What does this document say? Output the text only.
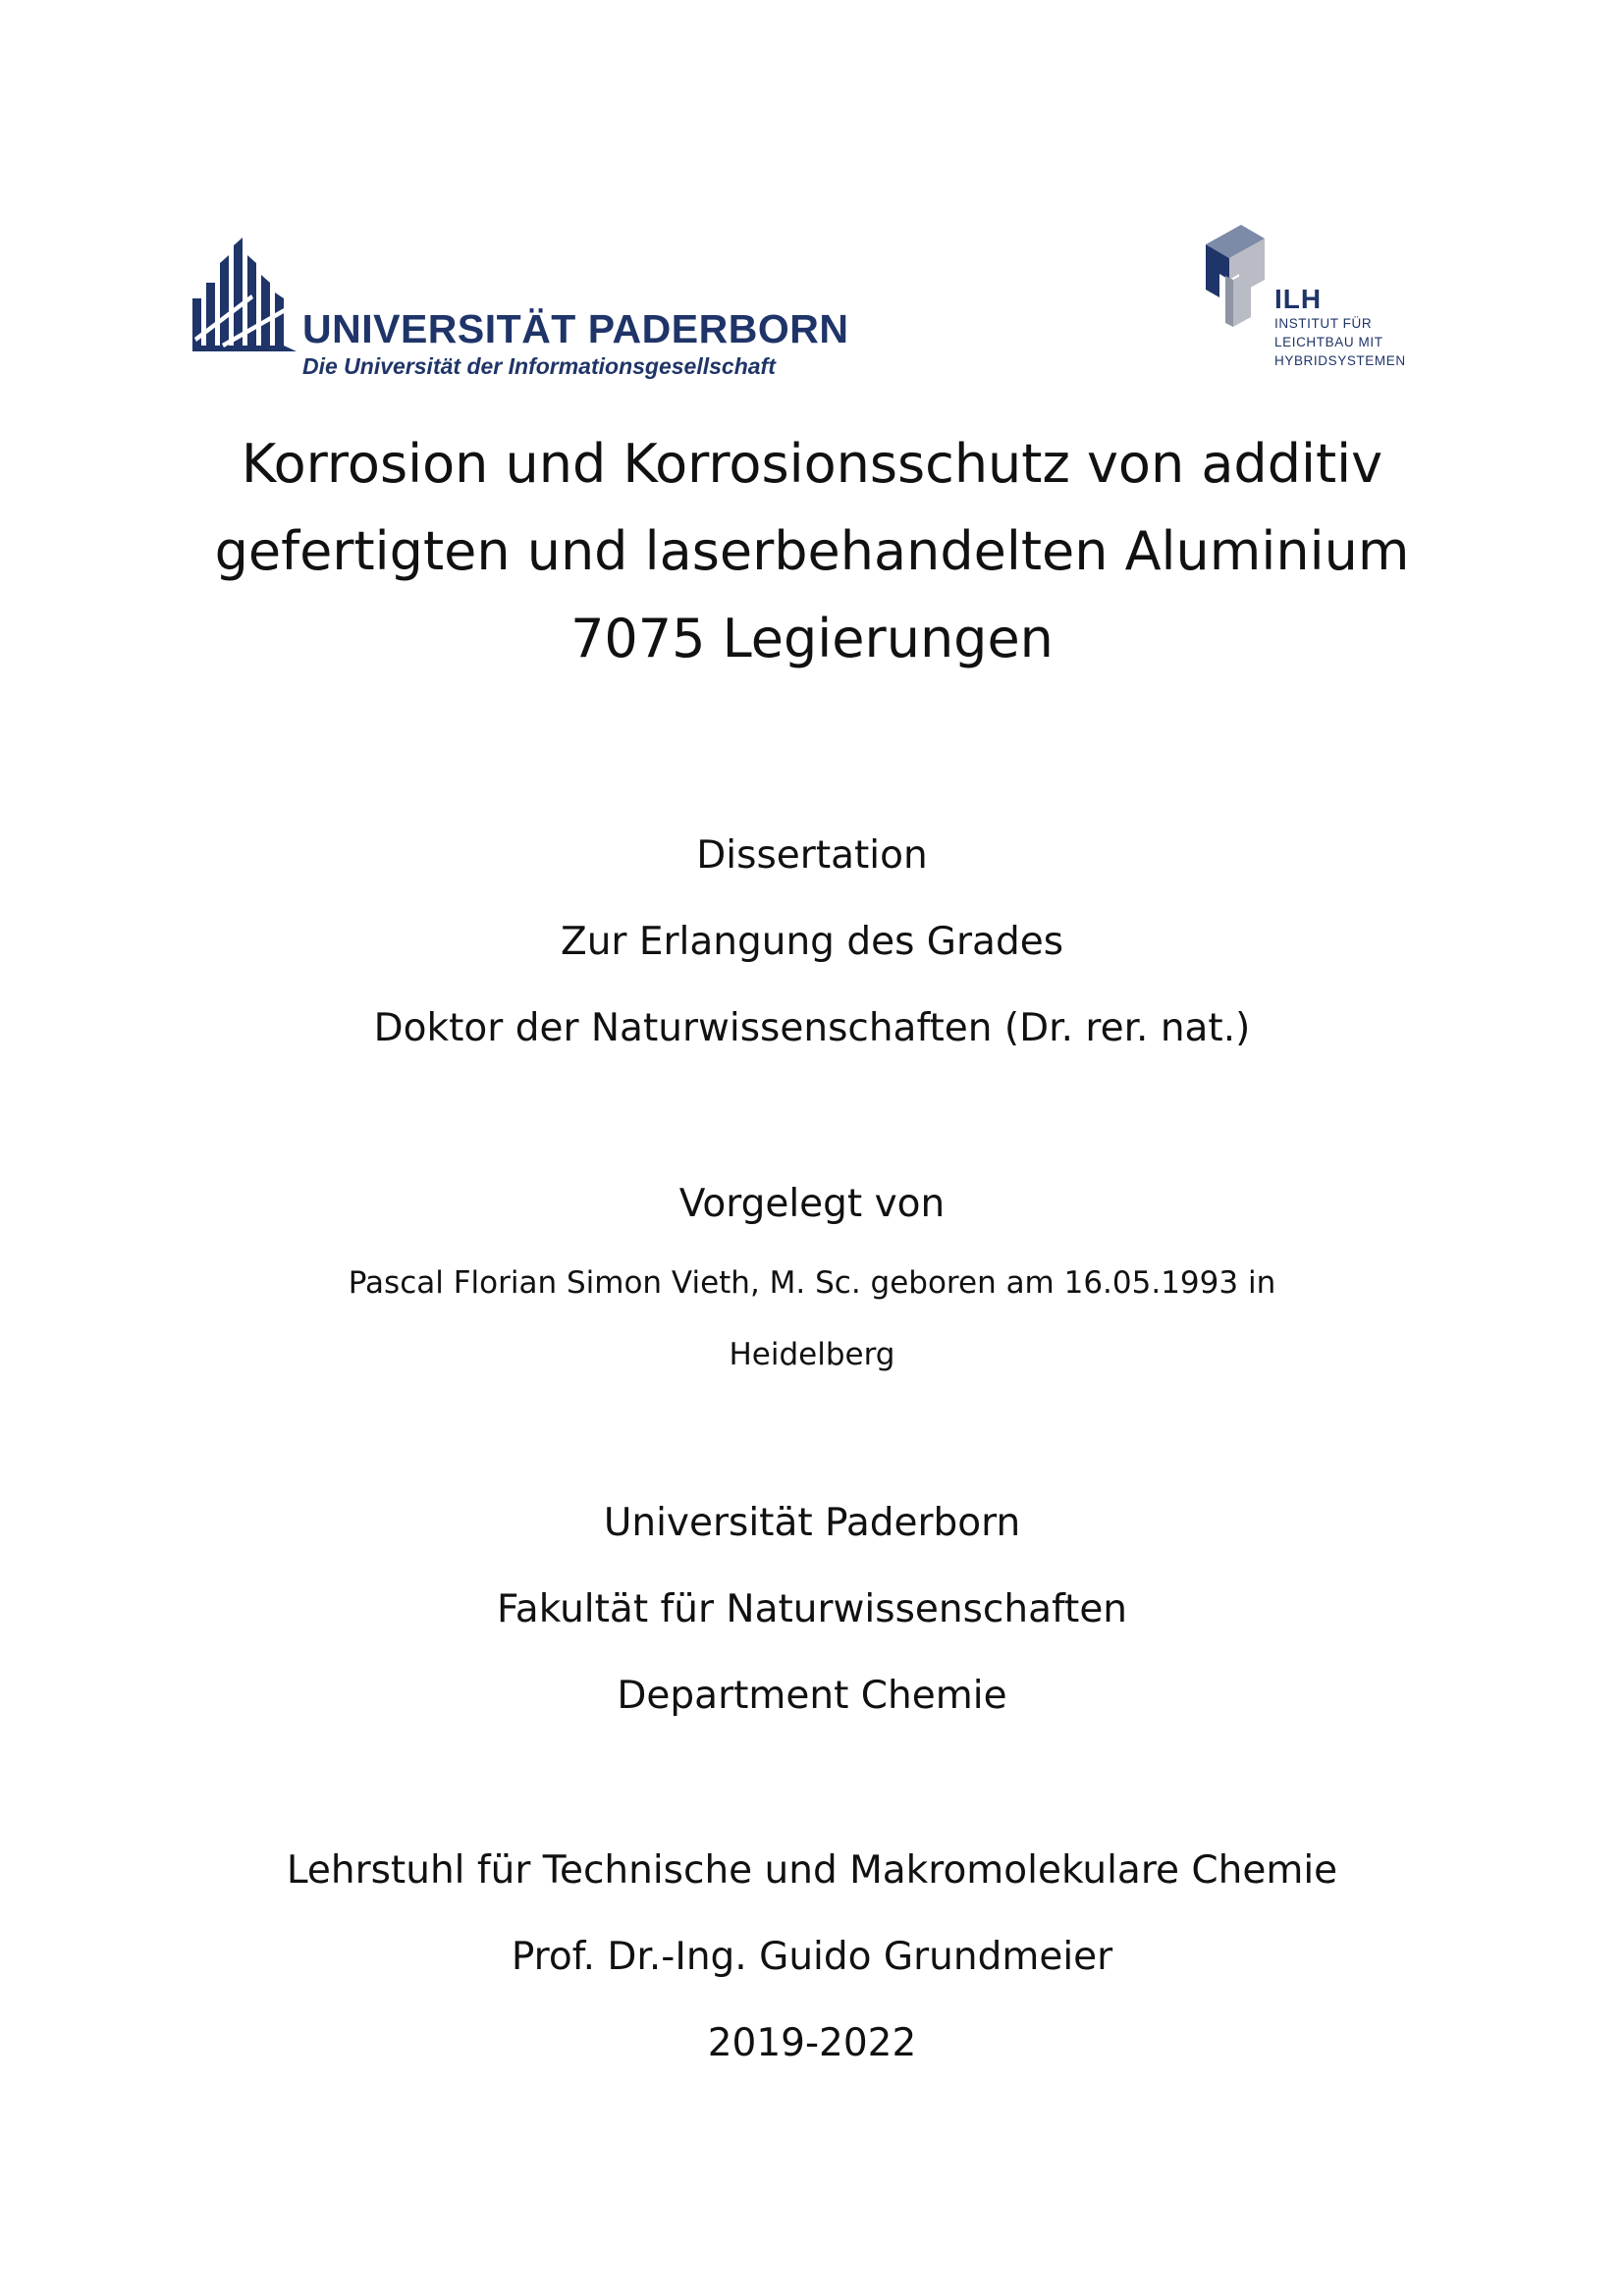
UNIVERSITÄT PADERBORN
Die Universität der Informationsgesellschaft
ILH
INSTITUT FÜR
LEICHTBAU MIT
HYBRIDSYSTEMEN
Korrosion und Korrosionsschutz von additiv
gefertigten und laserbehandelten Aluminium
7075 Legierungen
Dissertation
Zur Erlangung des Grades
Doktor der Naturwissenschaften (Dr. rer. nat.)
Vorgelegt von
Pascal Florian Simon Vieth, M. Sc. geboren am 16.05.1993 in
Heidelberg
Universität Paderborn
Fakultät für Naturwissenschaften
Department Chemie
Lehrstuhl für Technische und Makromolekulare Chemie
Prof. Dr.-Ing. Guido Grundmeier
2019-2022
